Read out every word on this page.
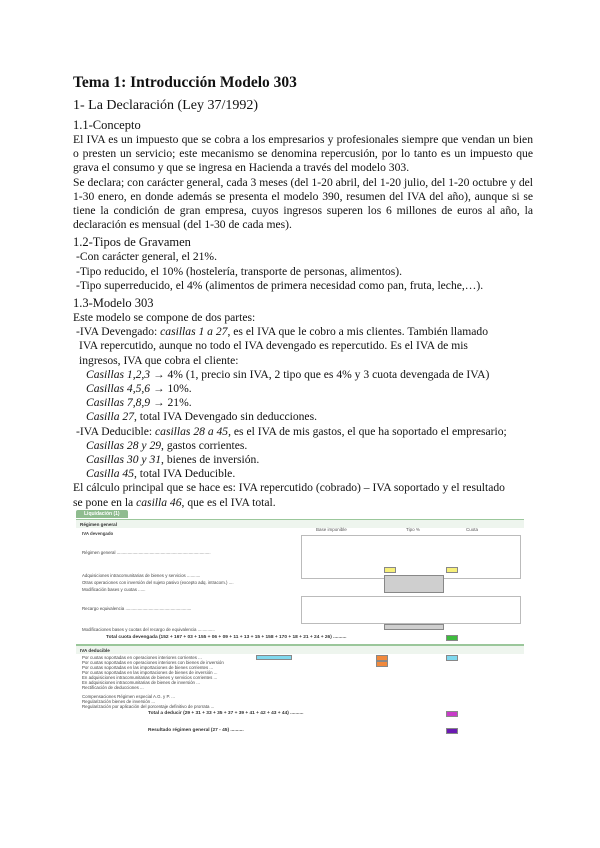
Tema 1: Introducción Modelo 303
1- La Declaración (Ley 37/1992)
1.1-Concepto
El IVA es un impuesto que se cobra a los empresarios y profesionales siempre que vendan un bien o presten un servicio; este mecanismo se denomina repercusión, por lo tanto es un impuesto que grava el consumo y que se ingresa en Hacienda a través del modelo 303.
Se declara; con carácter general, cada 3 meses (del 1-20 abril, del 1-20 julio, del 1-20 octubre y del 1-30 enero, en donde además se presenta el modelo 390, resumen del IVA del año), aunque si se tiene la condición de gran empresa, cuyos ingresos superen los 6 millones de euros al año, la declaración es mensual (del 1-30 de cada mes).
1.2-Tipos de Gravamen
-Con carácter general, el 21%.
-Tipo reducido, el 10% (hostelería, transporte de personas, alimentos).
-Tipo superreducido, el 4% (alimentos de primera necesidad como pan, fruta, leche,…).
1.3-Modelo 303
Este modelo se compone de dos partes:
-IVA Devengado: casillas 1 a 27, es el IVA que le cobro a mis clientes. También llamado
IVA repercutido, aunque no todo el IVA devengado es repercutido. Es el IVA de mis
ingresos, IVA que cobra el cliente:
Casillas 1,2,3 → 4% (1, precio sin IVA, 2 tipo que es 4% y 3 cuota devengada de IVA)
Casillas 4,5,6 → 10%.
Casillas 7,8,9 → 21%.
Casilla 27, total IVA Devengado sin deducciones.
-IVA Deducible: casillas 28 a 45, es el IVA de mis gastos, el que ha soportado el empresario;
Casillas 28 y 29, gastos corrientes.
Casillas 30 y 31, bienes de inversión.
Casilla 45, total IVA Deducible.
El cálculo principal que se hace es: IVA repercutido (cobrado) – IVA soportado y el resultado
se pone en la casilla 46, que es el IVA total.
Liquidación (1)
Régimen general
IVA devengado
Base imponible	Tipo %	Cuota
Régimen general .............................................................................
Adquisiciones intracomunitarias de bienes y servicios ...........
Otras operaciones con inversión del sujeto pasivo (excepto adq. intracom.) ....
Modificación bases y cuotas ......
Recargo equivalencia ......................................................
Modificaciones bases y cuotas del recargo de equivalencia ..............
Total cuota devengada (152 + 167 + 03 + 155 + 06 + 09 + 11 + 13 + 15 + 158 + 170 + 18 + 21 + 24 + 26) ..........
IVA deducible
Por cuotas soportadas en operaciones interiores corrientes ...
Por cuotas soportadas en operaciones interiores con bienes de inversión
Por cuotas soportadas en las importaciones de bienes corrientes ...
Por cuotas soportadas en las importaciones de bienes de inversión ...
En adquisiciones intracomunitarias de bienes y servicios corrientes ...
En adquisiciones intracomunitarias de bienes de inversión ...
Rectificación de deducciones ...
Compensaciones Régimen especial A.G. y P. ...
Regularización bienes de inversión ...
Regularización por aplicación del porcentaje definitivo de prorrata ...
Total a deducir (29 + 31 + 33 + 35 + 37 + 39 + 41 + 42 + 43 + 44) ..........
Resultado régimen general (27 - 45) ..........
